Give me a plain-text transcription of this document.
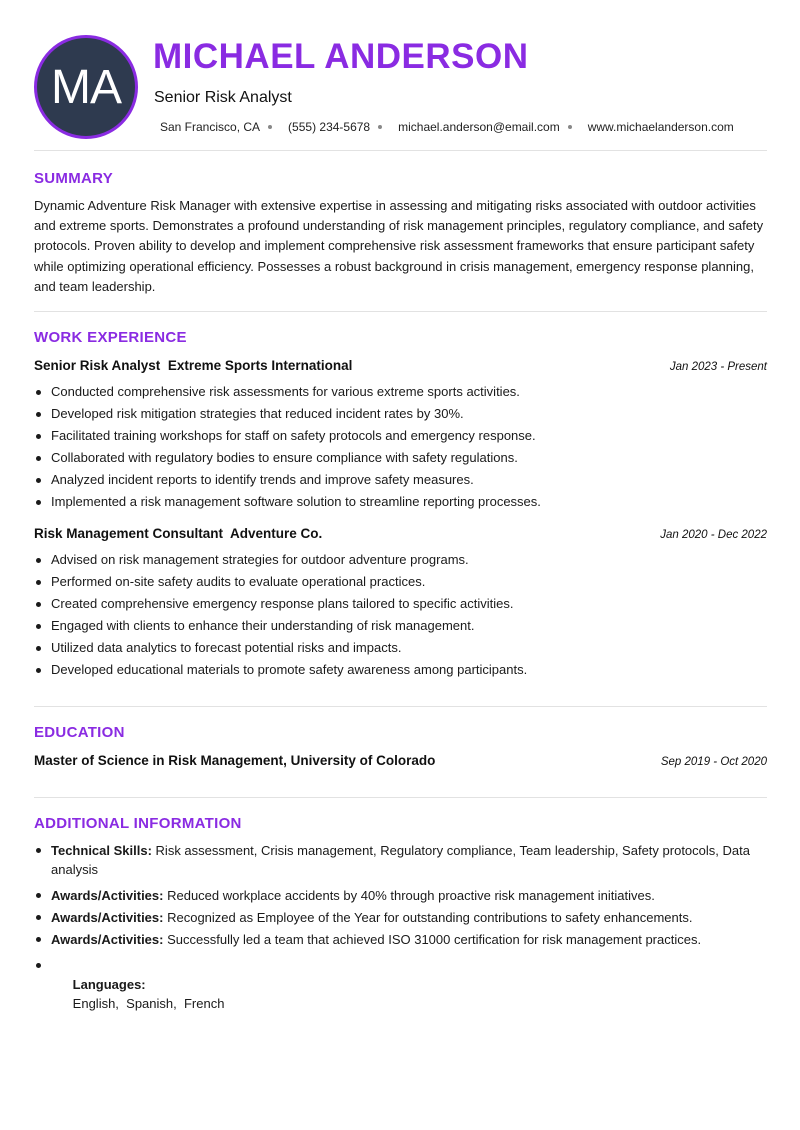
MA
MICHAEL ANDERSON
Senior Risk Analyst
San Francisco, CA (555) 234-5678 michael.anderson@email.com www.michaelanderson.com
SUMMARY

Dynamic Adventure Risk Manager with extensive expertise in assessing and mitigating risks associated with outdoor activities and extreme sports. Demonstrates a profound understanding of risk management principles, regulatory compliance, and safety protocols. Proven ability to develop and implement comprehensive risk assessment frameworks that ensure participant safety while optimizing operational efficiency. Possesses a robust background in crisis management, emergency response planning, and team leadership.

WORK EXPERIENCE
Senior Risk Analyst Extreme Sports International	Jan 2023 - Present
Conducted comprehensive risk assessments for various extreme sports activities.
Developed risk mitigation strategies that reduced incident rates by 30%.
Facilitated training workshops for staff on safety protocols and emergency response.
Collaborated with regulatory bodies to ensure compliance with safety regulations.
Analyzed incident reports to identify trends and improve safety measures.
Implemented a risk management software solution to streamline reporting processes.
Risk Management Consultant Adventure Co.	Jan 2020 - Dec 2022
Advised on risk management strategies for outdoor adventure programs.
Performed on-site safety audits to evaluate operational practices.
Created comprehensive emergency response plans tailored to specific activities.
Engaged with clients to enhance their understanding of risk management.
Utilized data analytics to forecast potential risks and impacts.
Developed educational materials to promote safety awareness among participants.
EDUCATION
Master of Science in Risk Management, University of Colorado	Sep 2019 - Oct 2020
ADDITIONAL INFORMATION
Technical Skills: Risk assessment, Crisis management, Regulatory compliance, Team leadership, Safety protocols, Data analysis
Awards/Activities: Reduced workplace accidents by 40% through proactive risk management initiatives.
Awards/Activities: Recognized as Employee of the Year for outstanding contributions to safety enhancements.
Awards/Activities: Successfully led a team that achieved ISO 31000 certification for risk management practices.

Languages:
English,  Spanish,  French
